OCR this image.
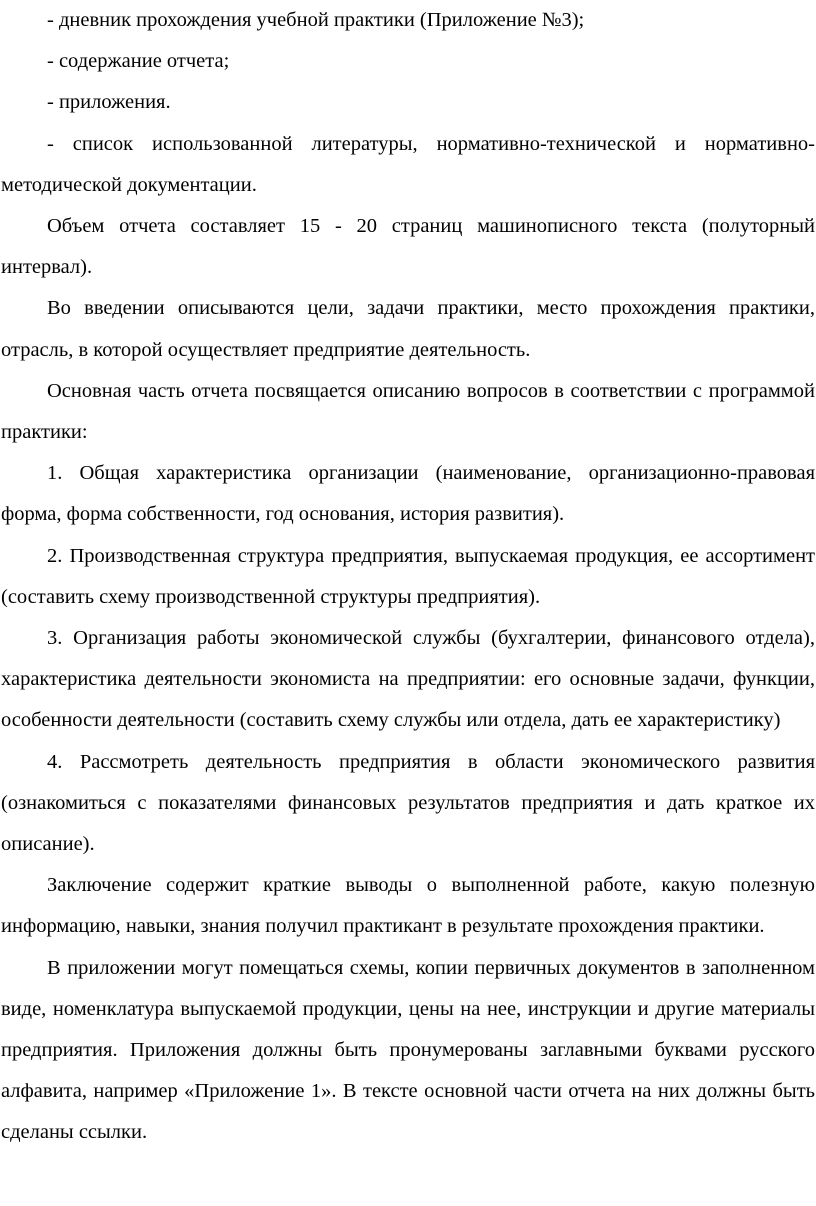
- дневник прохождения учебной практики (Приложение №3);

- содержание отчета;

- приложения.

- список использованной литературы, нормативно-технической и нормативно-методической документации.

Объем отчета составляет 15 - 20 страниц машинописного текста (полуторный интервал).

Во введении описываются цели, задачи практики, место прохождения практики, отрасль, в которой осуществляет предприятие деятельность.

Основная часть отчета посвящается описанию вопросов в соответствии с программой практики:

1. Общая характеристика организации (наименование, организационно-правовая форма, форма собственности, год основания, история развития).

2. Производственная структура предприятия, выпускаемая продукция, ее ассортимент (составить схему производственной структуры предприятия).

3. Организация работы экономической службы (бухгалтерии, финансового отдела), характеристика деятельности экономиста на предприятии: его основные задачи, функции, особенности деятельности (составить схему службы или отдела, дать ее характеристику)

4. Рассмотреть деятельность предприятия в области экономического развития (ознакомиться с показателями финансовых результатов предприятия и дать краткое их описание).

Заключение содержит краткие выводы о выполненной работе, какую полезную информацию, навыки, знания получил практикант в результате прохождения практики.

В приложении могут помещаться схемы, копии первичных документов в заполненном виде, номенклатура выпускаемой продукции, цены на нее, инструкции и другие материалы предприятия. Приложения должны быть пронумерованы заглавными буквами русского алфавита, например «Приложение 1». В тексте основной части отчета на них должны быть сделаны ссылки.
